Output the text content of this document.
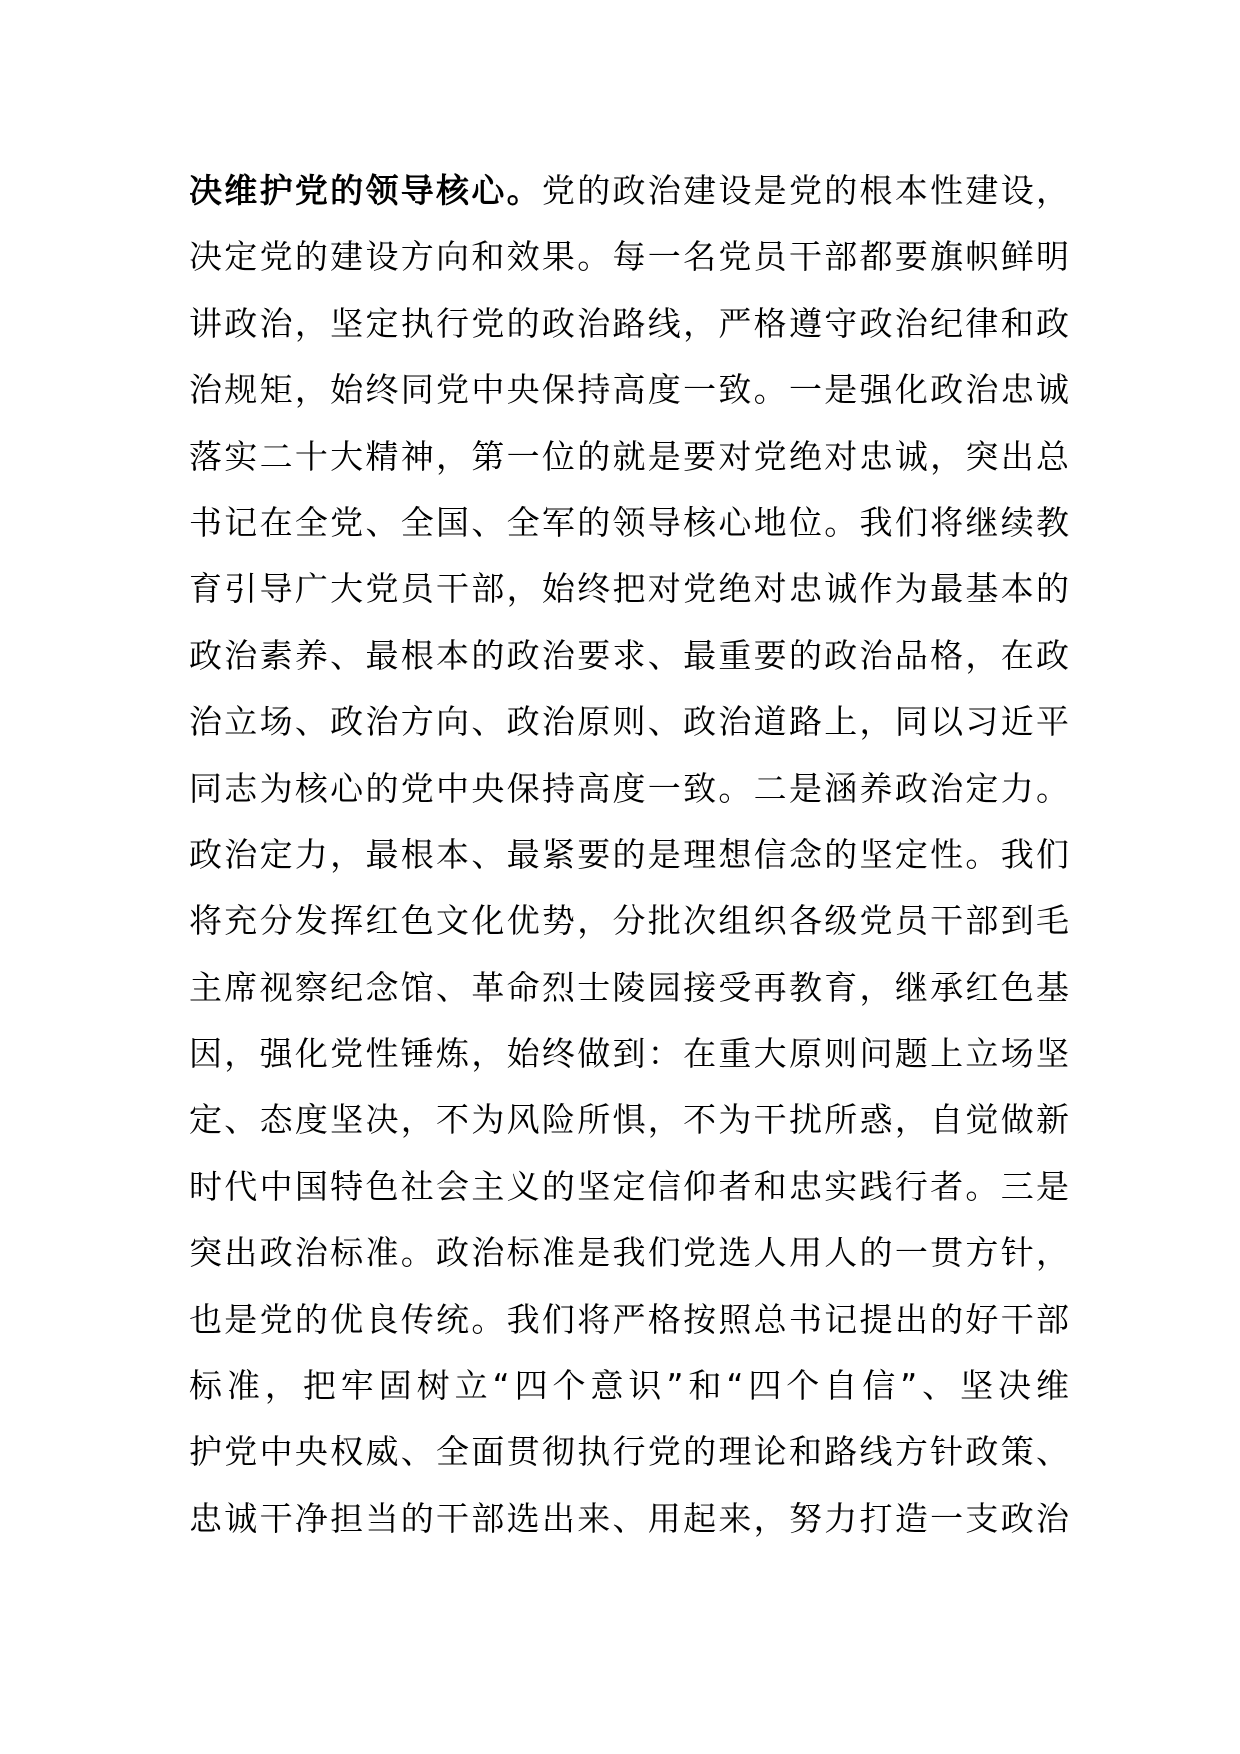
决维护党的领导核心。党的政治建设是党的根本性建设，
决定党的建设方向和效果。每一名党员干部都要旗帜鲜明
讲政治，坚定执行党的政治路线，严格遵守政治纪律和政
治规矩，始终同党中央保持高度一致。一是强化政治忠诚
落实二十大精神，第一位的就是要对党绝对忠诚，突出总
书记在全党、全国、全军的领导核心地位。我们将继续教
育引导广大党员干部，始终把对党绝对忠诚作为最基本的
政治素养、最根本的政治要求、最重要的政治品格，在政
治立场、政治方向、政治原则、政治道路上，同以习近平
同志为核心的党中央保持高度一致。二是涵养政治定力。
政治定力，最根本、最紧要的是理想信念的坚定性。我们
将充分发挥红色文化优势，分批次组织各级党员干部到毛
主席视察纪念馆、革命烈士陵园接受再教育，继承红色基
因，强化党性锤炼，始终做到：在重大原则问题上立场坚
定、态度坚决，不为风险所惧，不为干扰所惑，自觉做新
时代中国特色社会主义的坚定信仰者和忠实践行者。三是
突出政治标准。政治标准是我们党选人用人的一贯方针，
也是党的优良传统。我们将严格按照总书记提出的好干部
标准，把牢固树立“四个意识”和“四个自信”、坚决维
护党中央权威、全面贯彻执行党的理论和路线方针政策、
忠诚干净担当的干部选出来、用起来，努力打造一支政治
